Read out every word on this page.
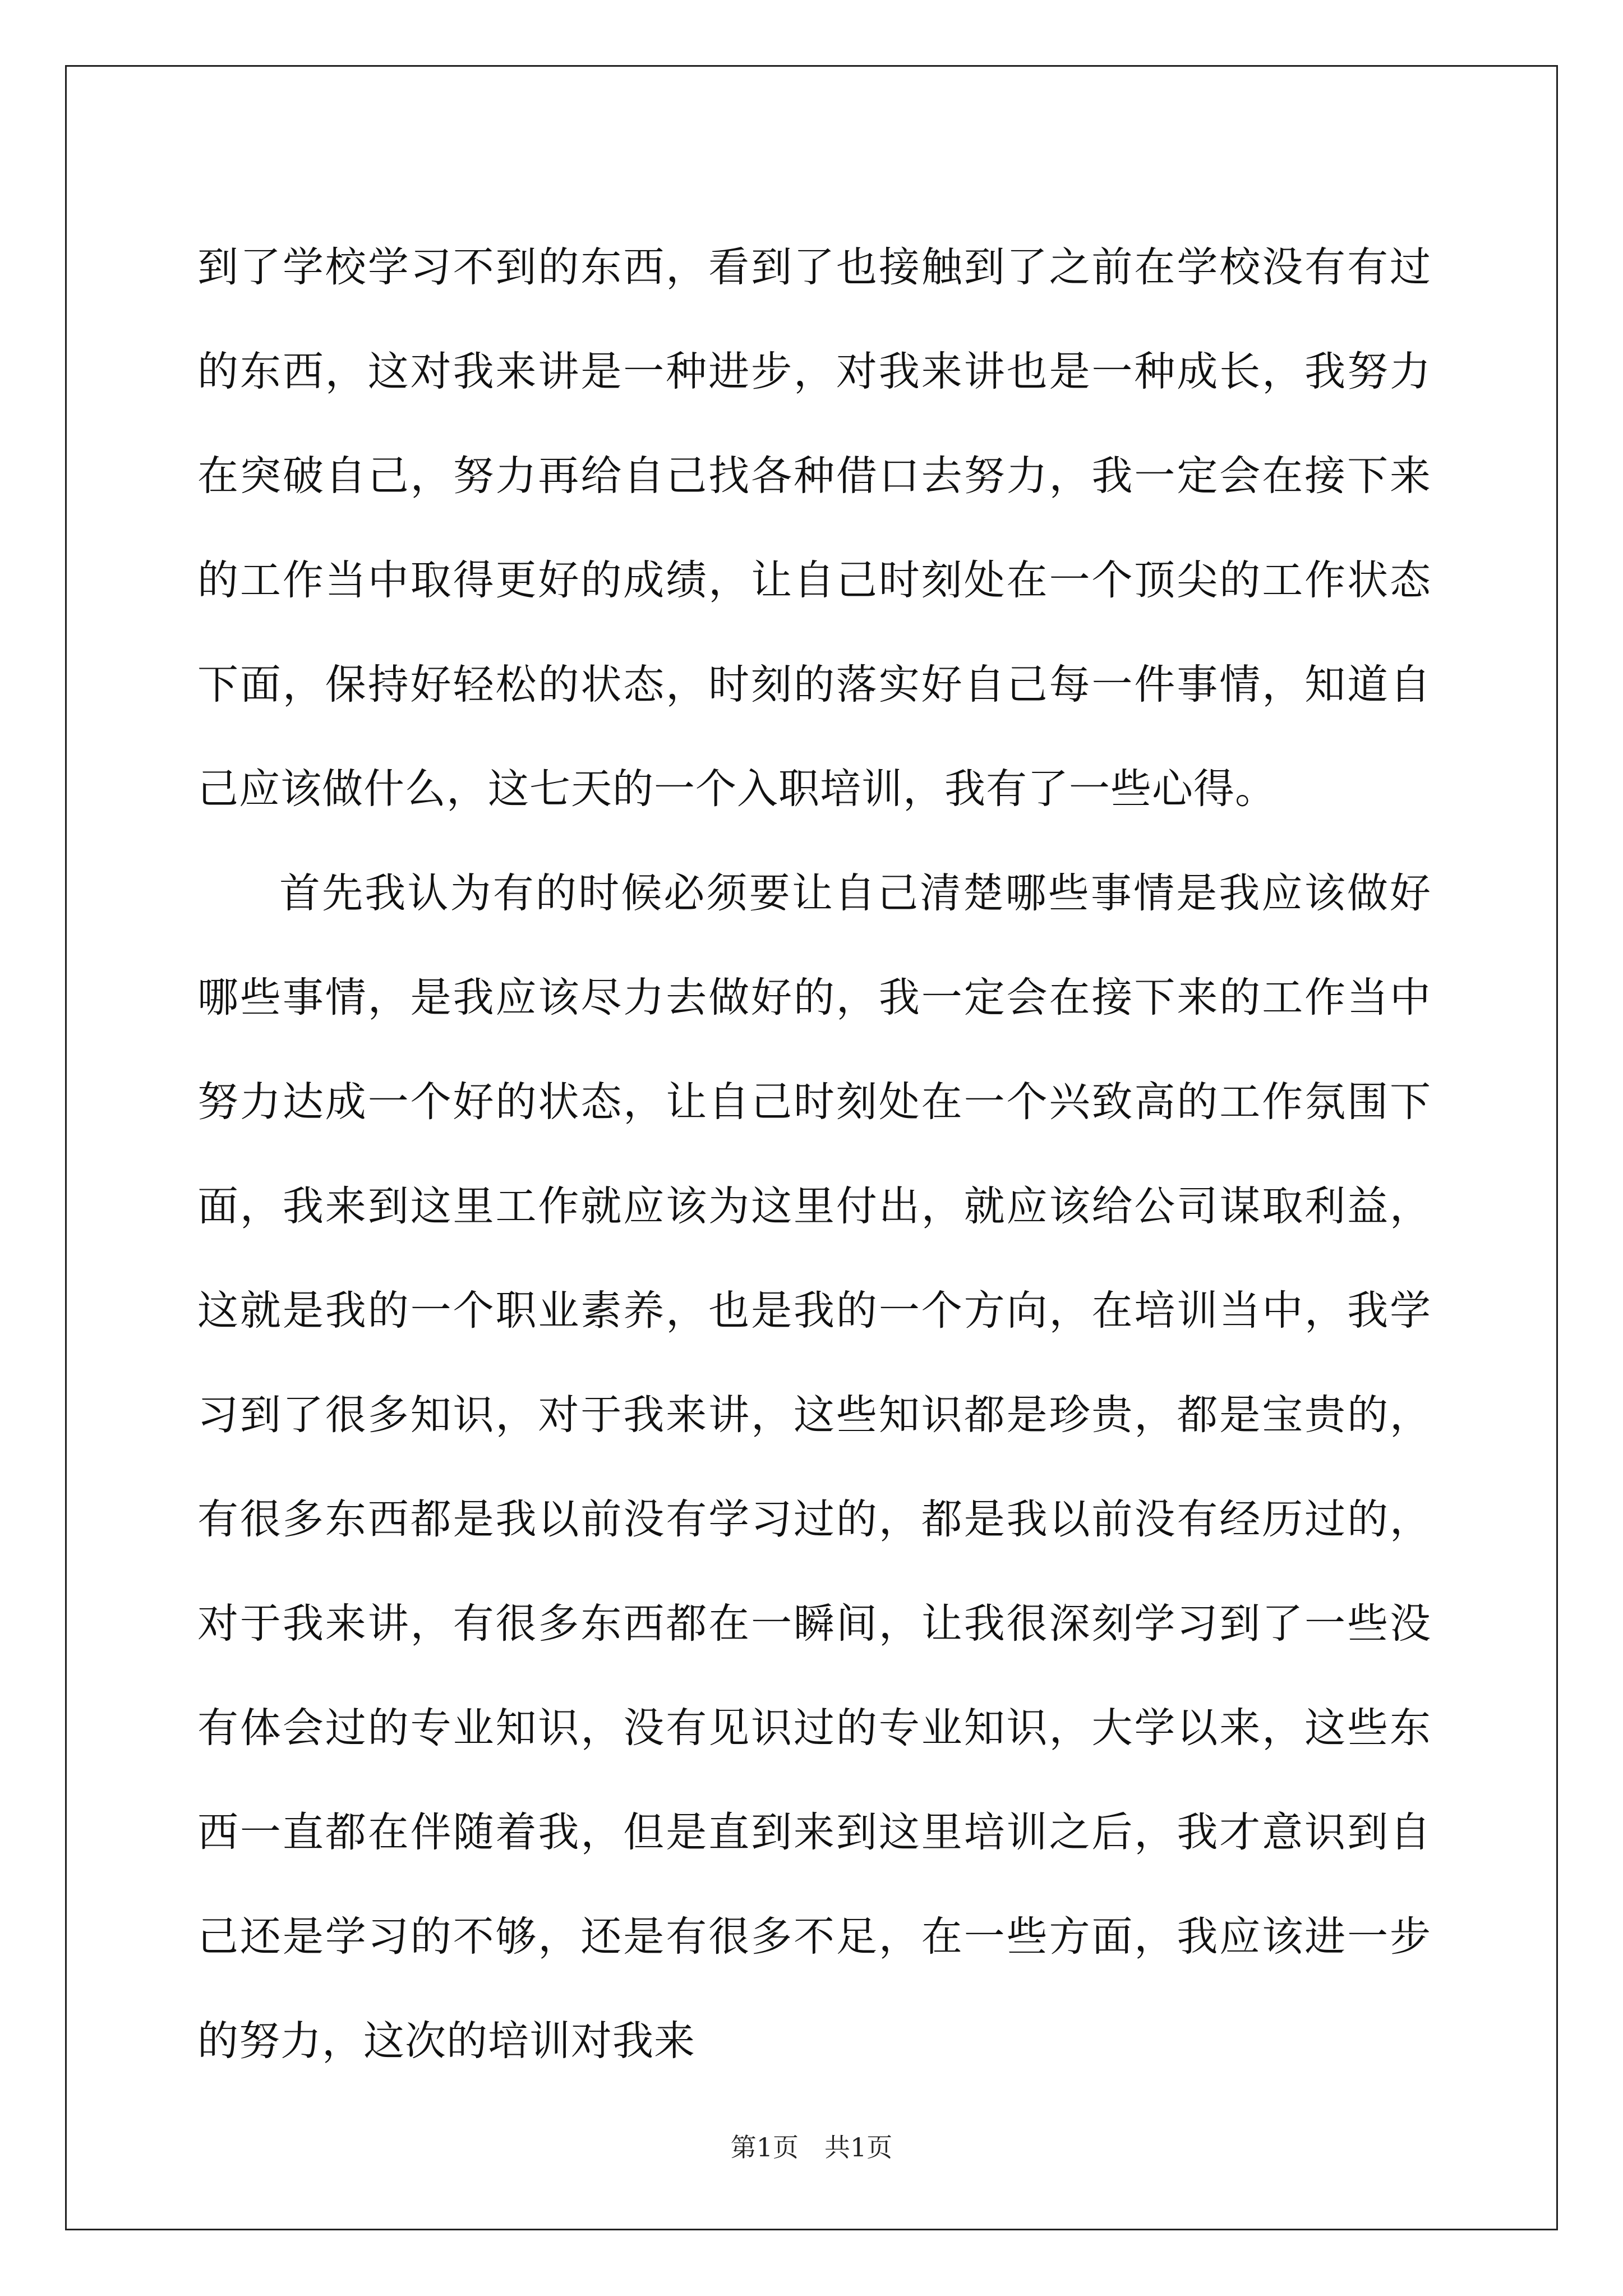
到了学校学习不到的东西，看到了也接触到了之前在学校没有有过的东西，这对我来讲是一种进步，对我来讲也是一种成长，我努力在突破自己，努力再给自己找各种借口去努力，我一定会在接下来的工作当中取得更好的成绩，让自己时刻处在一个顶尖的工作状态下面，保持好轻松的状态，时刻的落实好自己每一件事情，知道自己应该做什么，这七天的一个入职培训，我有了一些心得。

首先我认为有的时候必须要让自己清楚哪些事情是我应该做好哪些事情，是我应该尽力去做好的，我一定会在接下来的工作当中努力达成一个好的状态，让自己时刻处在一个兴致高的工作氛围下面，我来到这里工作就应该为这里付出，就应该给公司谋取利益，这就是我的一个职业素养，也是我的一个方向，在培训当中，我学习到了很多知识，对于我来讲，这些知识都是珍贵，都是宝贵的，有很多东西都是我以前没有学习过的，都是我以前没有经历过的，对于我来讲，有很多东西都在一瞬间，让我很深刻学习到了一些没有体会过的专业知识，没有见识过的专业知识，大学以来，这些东西一直都在伴随着我，但是直到来到这里培训之后，我才意识到自己还是学习的不够，还是有很多不足，在一些方面，我应该进一步的努力，这次的培训对我来

第1页　共1页
